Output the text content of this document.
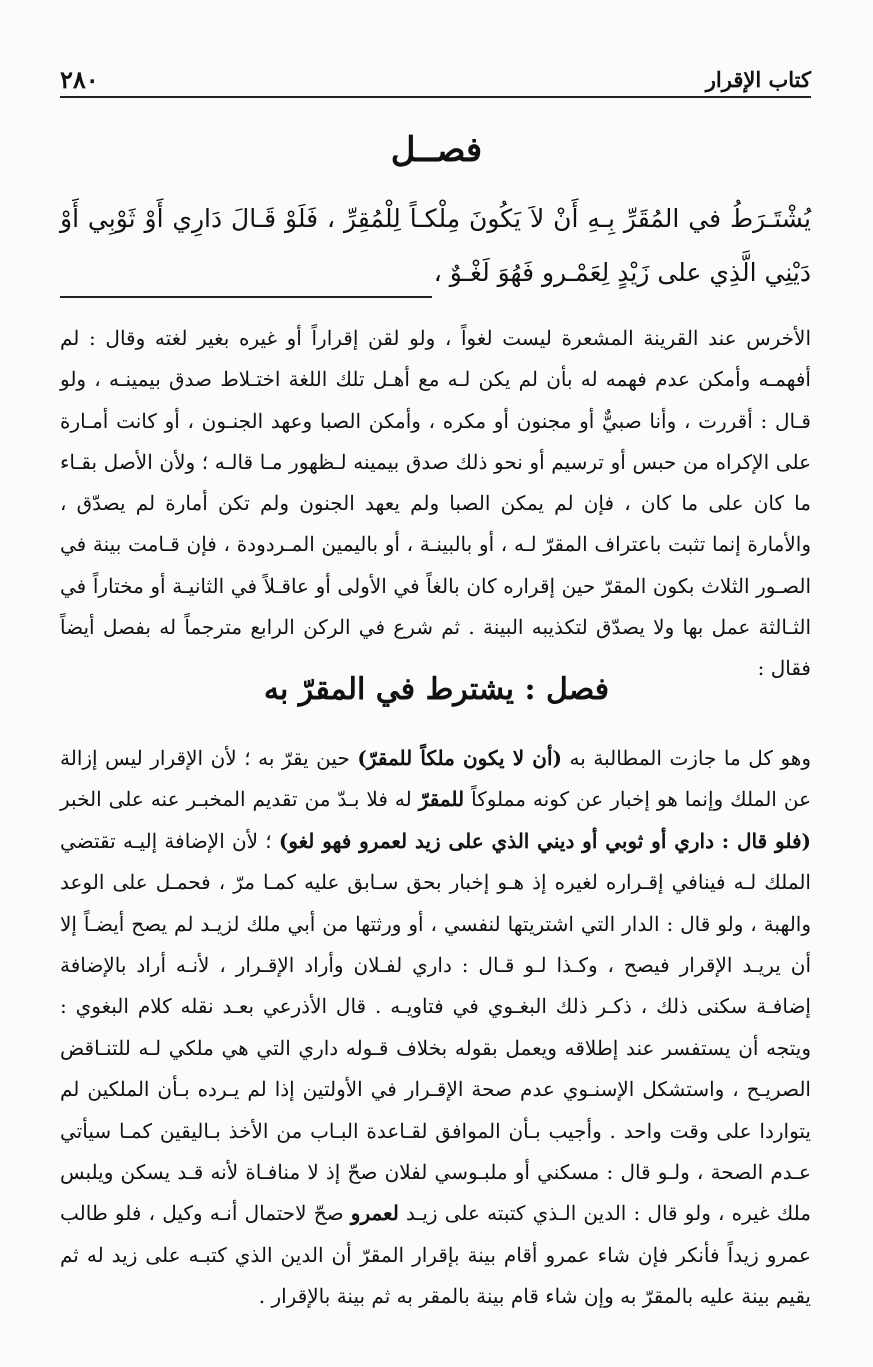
كتاب الإقرار
٢٨٠
فصــل
يُشْتَـرَطُ في المُقَرِّ بِـهِ أَنْ لاَ يَكُونَ مِلْكـاً لِلْمُقِرِّ ، فَلَوْ قَـالَ دَارِي أَوْ ثَوْبِي أَوْ دَيْنِي الَّذِي على زَيْدٍ لِعَمْـرو فَهُوَ لَغْـوٌ ،
الأخرس عند القرينة المشعرة ليست لغواً ، ولو لقن إقراراً أو غيره بغير لغته وقال : لم أفهمـه وأمكن عدم فهمه له بأن لم يكن لـه مع أهـل تلك اللغة اختـلاط صدق بيمينـه ، ولو قـال : أقررت ، وأنا صبيٌّ أو مجنون أو مكره ، وأمكن الصبا وعهد الجنـون ، أو كانت أمـارة على الإكراه من حبس أو ترسيم أو نحو ذلك صدق بيمينه لـظهور مـا قالـه ؛ ولأن الأصل بقـاء ما كان على ما كان ، فإن لم يمكن الصبا ولم يعهد الجنون ولم تكن أمارة لم يصدّق ، والأمارة إنما تثبت باعتراف المقرّ لـه ، أو بالبينـة ، أو باليمين المـردودة ، فإن قـامت بينة في الصـور الثلاث بكون المقرّ حين إقراره كان بالغاً في الأولى أو عاقـلاً في الثانيـة أو مختاراً في الثـالثة عمل بها ولا يصدّق لتكذيبه البينة . ثم شرع في الركن الرابع مترجماً له بفصل أيضاً فقال :
فصل : يشترط في المقرّ به
وهو كل ما جازت المطالبة به (أن لا يكون ملكاً للمقرّ) حين يقرّ به ؛ لأن الإقرار ليس إزالة عن الملك وإنما هو إخبار عن كونه مملوكاً للمقرّ له فلا بـدّ من تقديم المخبـر عنه على الخبر (فلو قال : داري أو ثوبي أو ديني الذي على زيد لعمرو فهو لغو) ؛ لأن الإضافة إليـه تقتضي الملك لـه فينافي إقـراره لغيره إذ هـو إخبار بحق سـابق عليه كمـا مرّ ، فحمـل على الوعد والهبة ، ولو قال : الدار التي اشتريتها لنفسي ، أو ورثتها من أبي ملك لزيـد لم يصح أيضـاً إلا أن يريـد الإقرار فيصح ، وكـذا لـو قـال : داري لفـلان وأراد الإقـرار ، لأنـه أراد بالإضافة إضافـة سكنى ذلك ، ذكـر ذلك البغـوي في فتاويـه . قال الأذرعي بعـد نقله كلام البغوي : ويتجه أن يستفسر عند إطلاقه ويعمل بقوله بخلاف قـوله داري التي هي ملكي لـه للتنـاقض الصريـح ، واستشكل الإسنـوي عدم صحة الإقـرار في الأولتين إذا لم يـرده بـأن الملكين لم يتواردا على وقت واحد . وأجيب بـأن الموافق لقـاعدة البـاب من الأخذ بـاليقين كمـا سيأتي عـدم الصحة ، ولـو قال : مسكني أو ملبـوسي لفلان صحّ إذ لا منافـاة لأنه قـد يسكن ويلبس ملك غيره ، ولو قال : الدين الـذي كتبته على زيـد لعمرو صحّ لاحتمال أنـه وكيل ، فلو طالب عمرو زيداً فأنكر فإن شاء عمرو أقام بينة بإقرار المقرّ أن الدين الذي كتبـه على زيد له ثم يقيم بينة عليه بالمقرّ به وإن شاء قام بينة بالمقر به ثم بينة بالإقرار .
